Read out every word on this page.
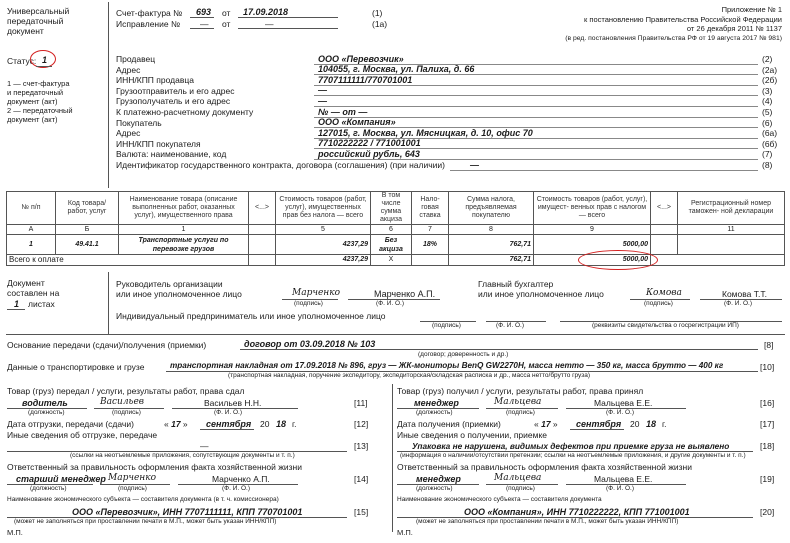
Универсальный передаточный документ
Статус: 1
1 — счет-фактура
и передаточный
документ (акт)
2 — передаточный
документ (акт)
Счет-фактура № 693 от 17.09.2018	(1)
Исправление № — от	—	(1а)
Приложение № 1
к постановлению Правительства Российской Федерации
от 26 декабря 2011 № 1137
(в ред. постановления Правительства РФ от 19 августа 2017 № 981)
Продавец	ООО «Перевозчик»	(2)
Адрес	104055, г. Москва, ул. Палиха, д. 66	(2а)
ИНН/КПП продавца	7707111111/770701001	(2б)
Грузоотправитель и его адрес	—	(3)
Грузополучатель и его адрес	—	(4)
К платежно-расчетному документу	№ — от —	(5)
Покупатель	ООО «Компания»	(6)
Адрес	127015, г. Москва, ул. Мясницкая, д. 10, офис 70	(6а)
ИНН/КПП покупателя	7710222222 / 771001001	(6б)
Валюта: наименование, код	российский рубль, 643	(7)
Идентификатор государственного контракта, договора (соглашения) (при наличии)	—	(8)
№ п/п	Код товара/ работ, услуг	Наименование товара (описание выполненных работ, оказанных услуг), имущественного права	<...>	Стоимость товаров (работ, услуг), имущественных прав без налога — всего	В том числе сумма акциза	Нало- говая ставка	Сумма налога, предъявляемая покупателю	Стоимость товаров (работ, услуг), имущест- венных прав с налогом — всего	<...>	Регистрационный номер таможен- ной декларации
А	Б	1		5	6	7	8	9		11
1	49.41.1	Транспортные услуги по перевозке грузов		4237,29	Без акциза	18%	762,71	5000,00		
Всего к оплате				4237,29	Х		762,71	5000,00		
Документ
составлен на
1 листах
Руководитель организации
или иное уполномоченное лицо	Марченко
(подпись)
Марченко А.П.
(Ф. И. О.)
Главный бухгалтер
или иное уполномоченное лицо	Комова
(подпись)
Комова Т.Т.
(Ф. И. О.)
Индивидуальный предприниматель или иное уполномоченное лицо
(подпись)	(Ф. И. О.)	(реквизиты свидетельства о госрегистрации ИП)
Основание передачи (сдачи)/получения (приемки)	договор от 03.09.2018 № 103	[8]
(договор; доверенность и др.)
Данные о транспортировке и грузе	транспортная накладная от 17.09.2018 № 896, груз — ЖК-мониторы BenQ GW2270H, масса нетто — 350 кг, масса брутто — 400 кг	[10]
(транспортная накладная, поручение экспедитору, экспедиторская/складская расписка и др., масса нетто/брутто груза)
Товар (груз) передал / услуги, результаты работ, права сдал
водитель
(должность)
Васильев
(подпись)
Васильев Н.Н.
(Ф. И. О.)
[11]
Дата отгрузки, передачи (сдачи)	« 17 » сентября 20 18 г.	[12]
Иные сведения об отгрузке, передаче
—	[13]
(ссылки на неотъемлемые приложения, сопутствующие документы и т. п.)
Ответственный за правильность оформления факта хозяйственной жизни
старший менеджер
(должность)
Марченко
(подпись)
Марченко А.П.
(Ф. И. О.)
[14]
Наименование экономического субъекта — составителя документа (в т. ч. комиссионера)
ООО «Перевозчик», ИНН 7707111111, КПП 770701001	[15]
(может не заполняться при проставлении печати в М.П., может быть указан ИНН/КПП)
М.П.
Товар (груз) получил / услуги, результаты работ, права принял
менеджер
(должность)
Мальцева
(подпись)
Мальцева Е.Е.
(Ф. И. О.)
[16]
Дата получения (приемки)	« 17 » сентября 20 18 г.	[17]
Иные сведения о получении, приемке
Упаковка не нарушена, видимых дефектов при приемке груза не выявлено	[18]
(информация о наличии/отсутствии претензии; ссылки на неотъемлемые приложения, и другие документы и т. п.)
Ответственный за правильность оформления факта хозяйственной жизни
менеджер
(должность)
Мальцева
(подпись)
Мальцева Е.Е.
(Ф. И. О.)
[19]
Наименование экономического субъекта — составителя документа
ООО «Компания», ИНН 7710222222, КПП 771001001	[20]
(может не заполняться при проставлении печати в М.П., может быть указан ИНН/КПП)
М.П.
